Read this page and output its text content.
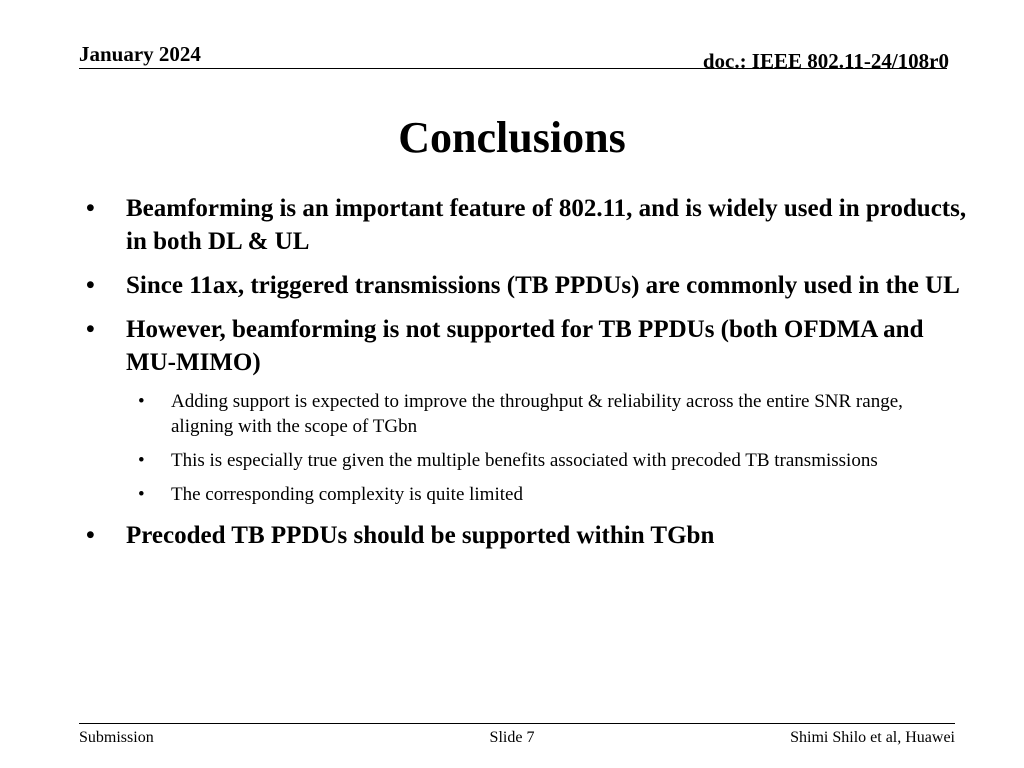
January 2024	doc.: IEEE 802.11-24/108r0
Conclusions
• Beamforming is an important feature of 802.11, and is widely used in products, in both DL & UL
• Since 11ax, triggered transmissions (TB PPDUs) are commonly used in the UL
• However, beamforming is not supported for TB PPDUs (both OFDMA and MU-MIMO)
• Adding support is expected to improve the throughput & reliability across the entire SNR range, aligning with the scope of TGbn
• This is especially true given the multiple benefits associated with precoded TB transmissions
• The corresponding complexity is quite limited
• Precoded TB PPDUs should be supported within TGbn
Submission	Slide 7	Shimi Shilo et al, Huawei
